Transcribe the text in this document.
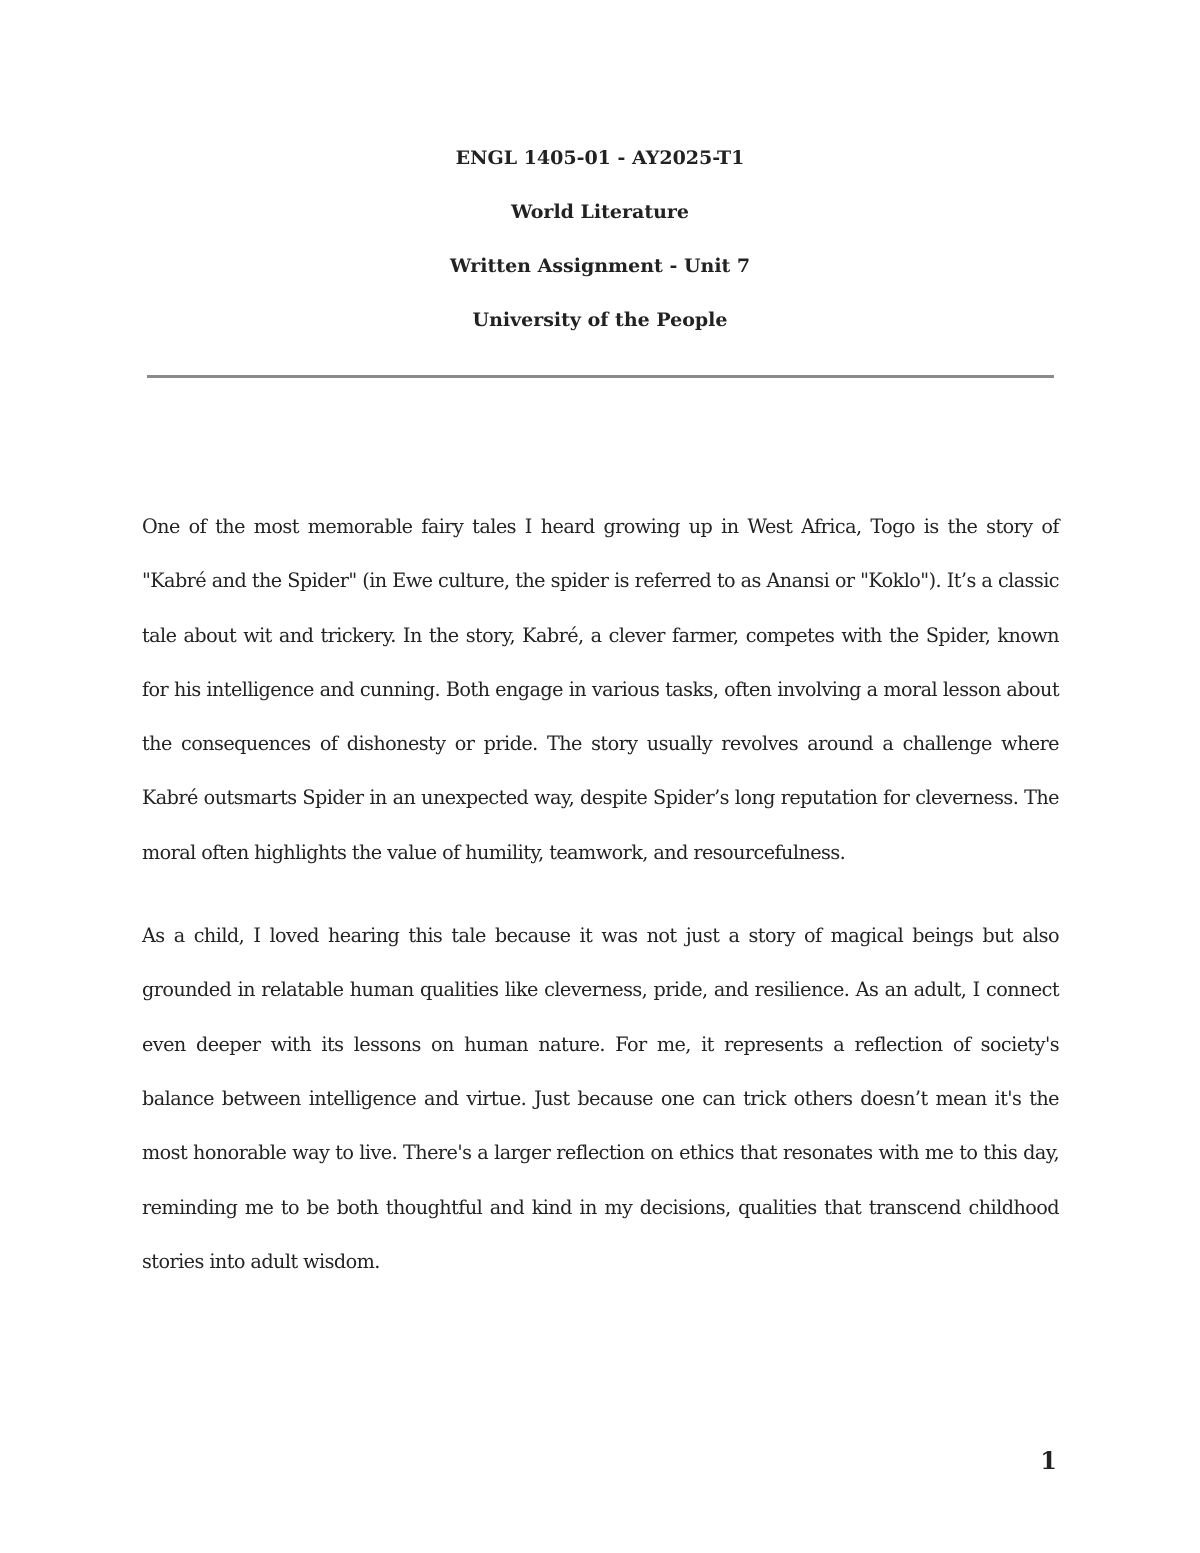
ENGL 1405-01 - AY2025-T1
World Literature
Written Assignment - Unit 7
University of the People

One of the most memorable fairy tales I heard growing up in West Africa, Togo is the story of "Kabré and the Spider" (in Ewe culture, the spider is referred to as Anansi or "Koklo"). It’s a classic tale about wit and trickery. In the story, Kabré, a clever farmer, competes with the Spider, known for his intelligence and cunning. Both engage in various tasks, often involving a moral lesson about the consequences of dishonesty or pride. The story usually revolves around a challenge where Kabré outsmarts Spider in an unexpected way, despite Spider’s long reputation for cleverness. The moral often highlights the value of humility, teamwork, and resourcefulness.

As a child, I loved hearing this tale because it was not just a story of magical beings but also grounded in relatable human qualities like cleverness, pride, and resilience. As an adult, I connect even deeper with its lessons on human nature. For me, it represents a reflection of society's balance between intelligence and virtue. Just because one can trick others doesn’t mean it's the most honorable way to live. There's a larger reflection on ethics that resonates with me to this day, reminding me to be both thoughtful and kind in my decisions, qualities that transcend childhood stories into adult wisdom.

1
